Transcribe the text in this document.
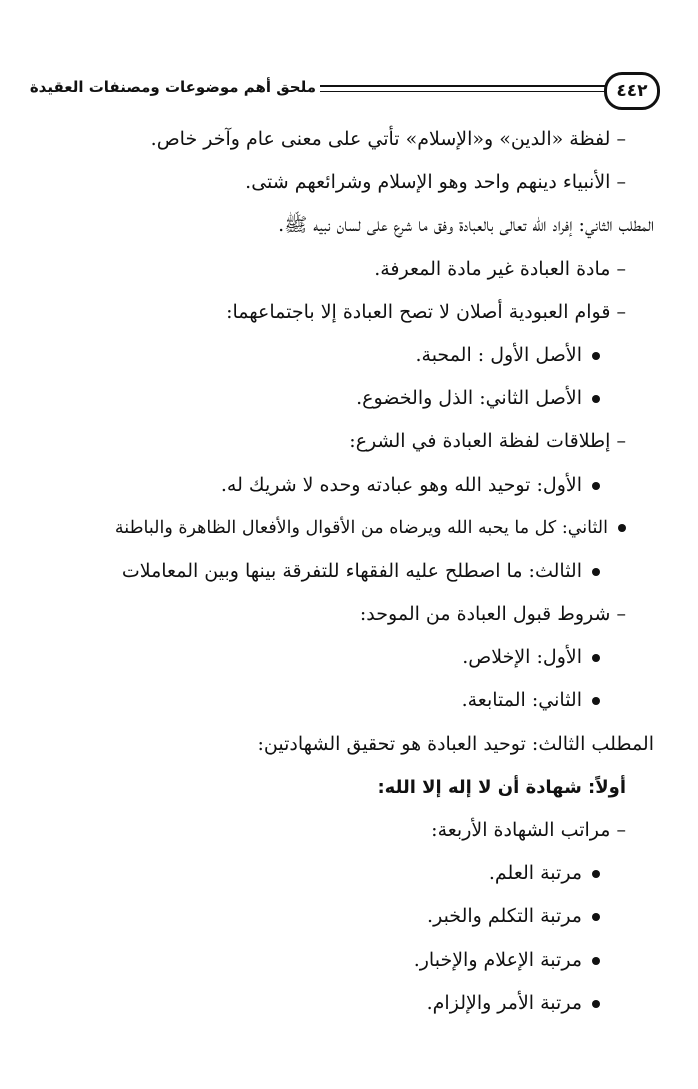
ملحق أهم موضوعات ومصنفات العقيدة	٤٤٢
– لفظة «الدين» و«الإسلام» تأتي على معنى عام وآخر خاص.
– الأنبياء دينهم واحد وهو الإسلام وشرائعهم شتى.
المطلب الثاني: إفراد الله تعالى بالعبادة وفق ما شرع على لسان نبيه ﷺ.
– مادة العبادة غير مادة المعرفة.
– قوام العبودية أصلان لا تصح العبادة إلا باجتماعهما:
الأصل الأول : المحبة.
الأصل الثاني: الذل والخضوع.
– إطلاقات لفظة العبادة في الشرع:
الأول: توحيد الله وهو عبادته وحده لا شريك له.
الثاني: كل ما يحبه الله ويرضاه من الأقوال والأفعال الظاهرة والباطنة
الثالث: ما اصطلح عليه الفقهاء للتفرقة بينها وبين المعاملات
– شروط قبول العبادة من الموحد:
الأول: الإخلاص.
الثاني: المتابعة.
المطلب الثالث: توحيد العبادة هو تحقيق الشهادتين:
أولاً: شهادة أن لا إله إلا الله:
– مراتب الشهادة الأربعة:
مرتبة العلم.
مرتبة التكلم والخبر.
مرتبة الإعلام والإخبار.
مرتبة الأمر والإلزام.
